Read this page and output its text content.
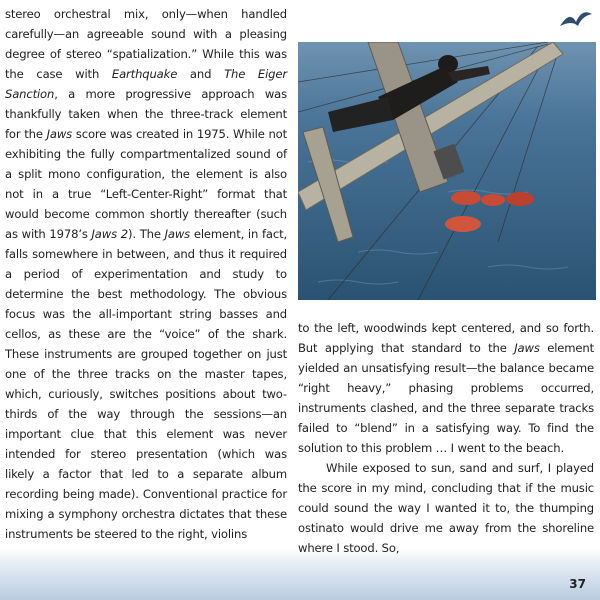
stereo orchestral mix, only—when handled carefully—an agreeable sound with a pleasing degree of stereo “spatialization.” While this was the case with Earthquake and The Eiger Sanction, a more progressive approach was thankfully taken when the three-track element for the Jaws score was created in 1975. While not exhibiting the fully compartmentalized sound of a split mono configuration, the element is also not in a true “Left-Center-Right” format that would become common shortly thereafter (such as with 1978’s Jaws 2). The Jaws element, in fact, falls somewhere in between, and thus it required a period of experimentation and study to determine the best methodology. The obvious focus was the all-important string basses and cellos, as these are the “voice” of the shark. These instruments are grouped together on just one of the three tracks on the master tapes, which, curiously, switches positions about two-thirds of the way through the sessions—an important clue that this element was never intended for stereo presentation (which was likely a factor that led to a separate album recording being made). Conventional practice for mixing a symphony orchestra dictates that these instruments be steered to the right, violins

to the left, woodwinds kept centered, and so forth. But applying that standard to the Jaws element yielded an unsatisfying result—the balance became “right heavy,” phasing problems occurred, instruments clashed, and the three separate tracks failed to “blend” in a satisfying way. To find the solution to this problem … I went to the beach.

While exposed to sun, sand and surf, I played the score in my mind, concluding that if the music could sound the way I wanted it to, the thumping ostinato would drive me away from the shoreline where I stood. So,

37
